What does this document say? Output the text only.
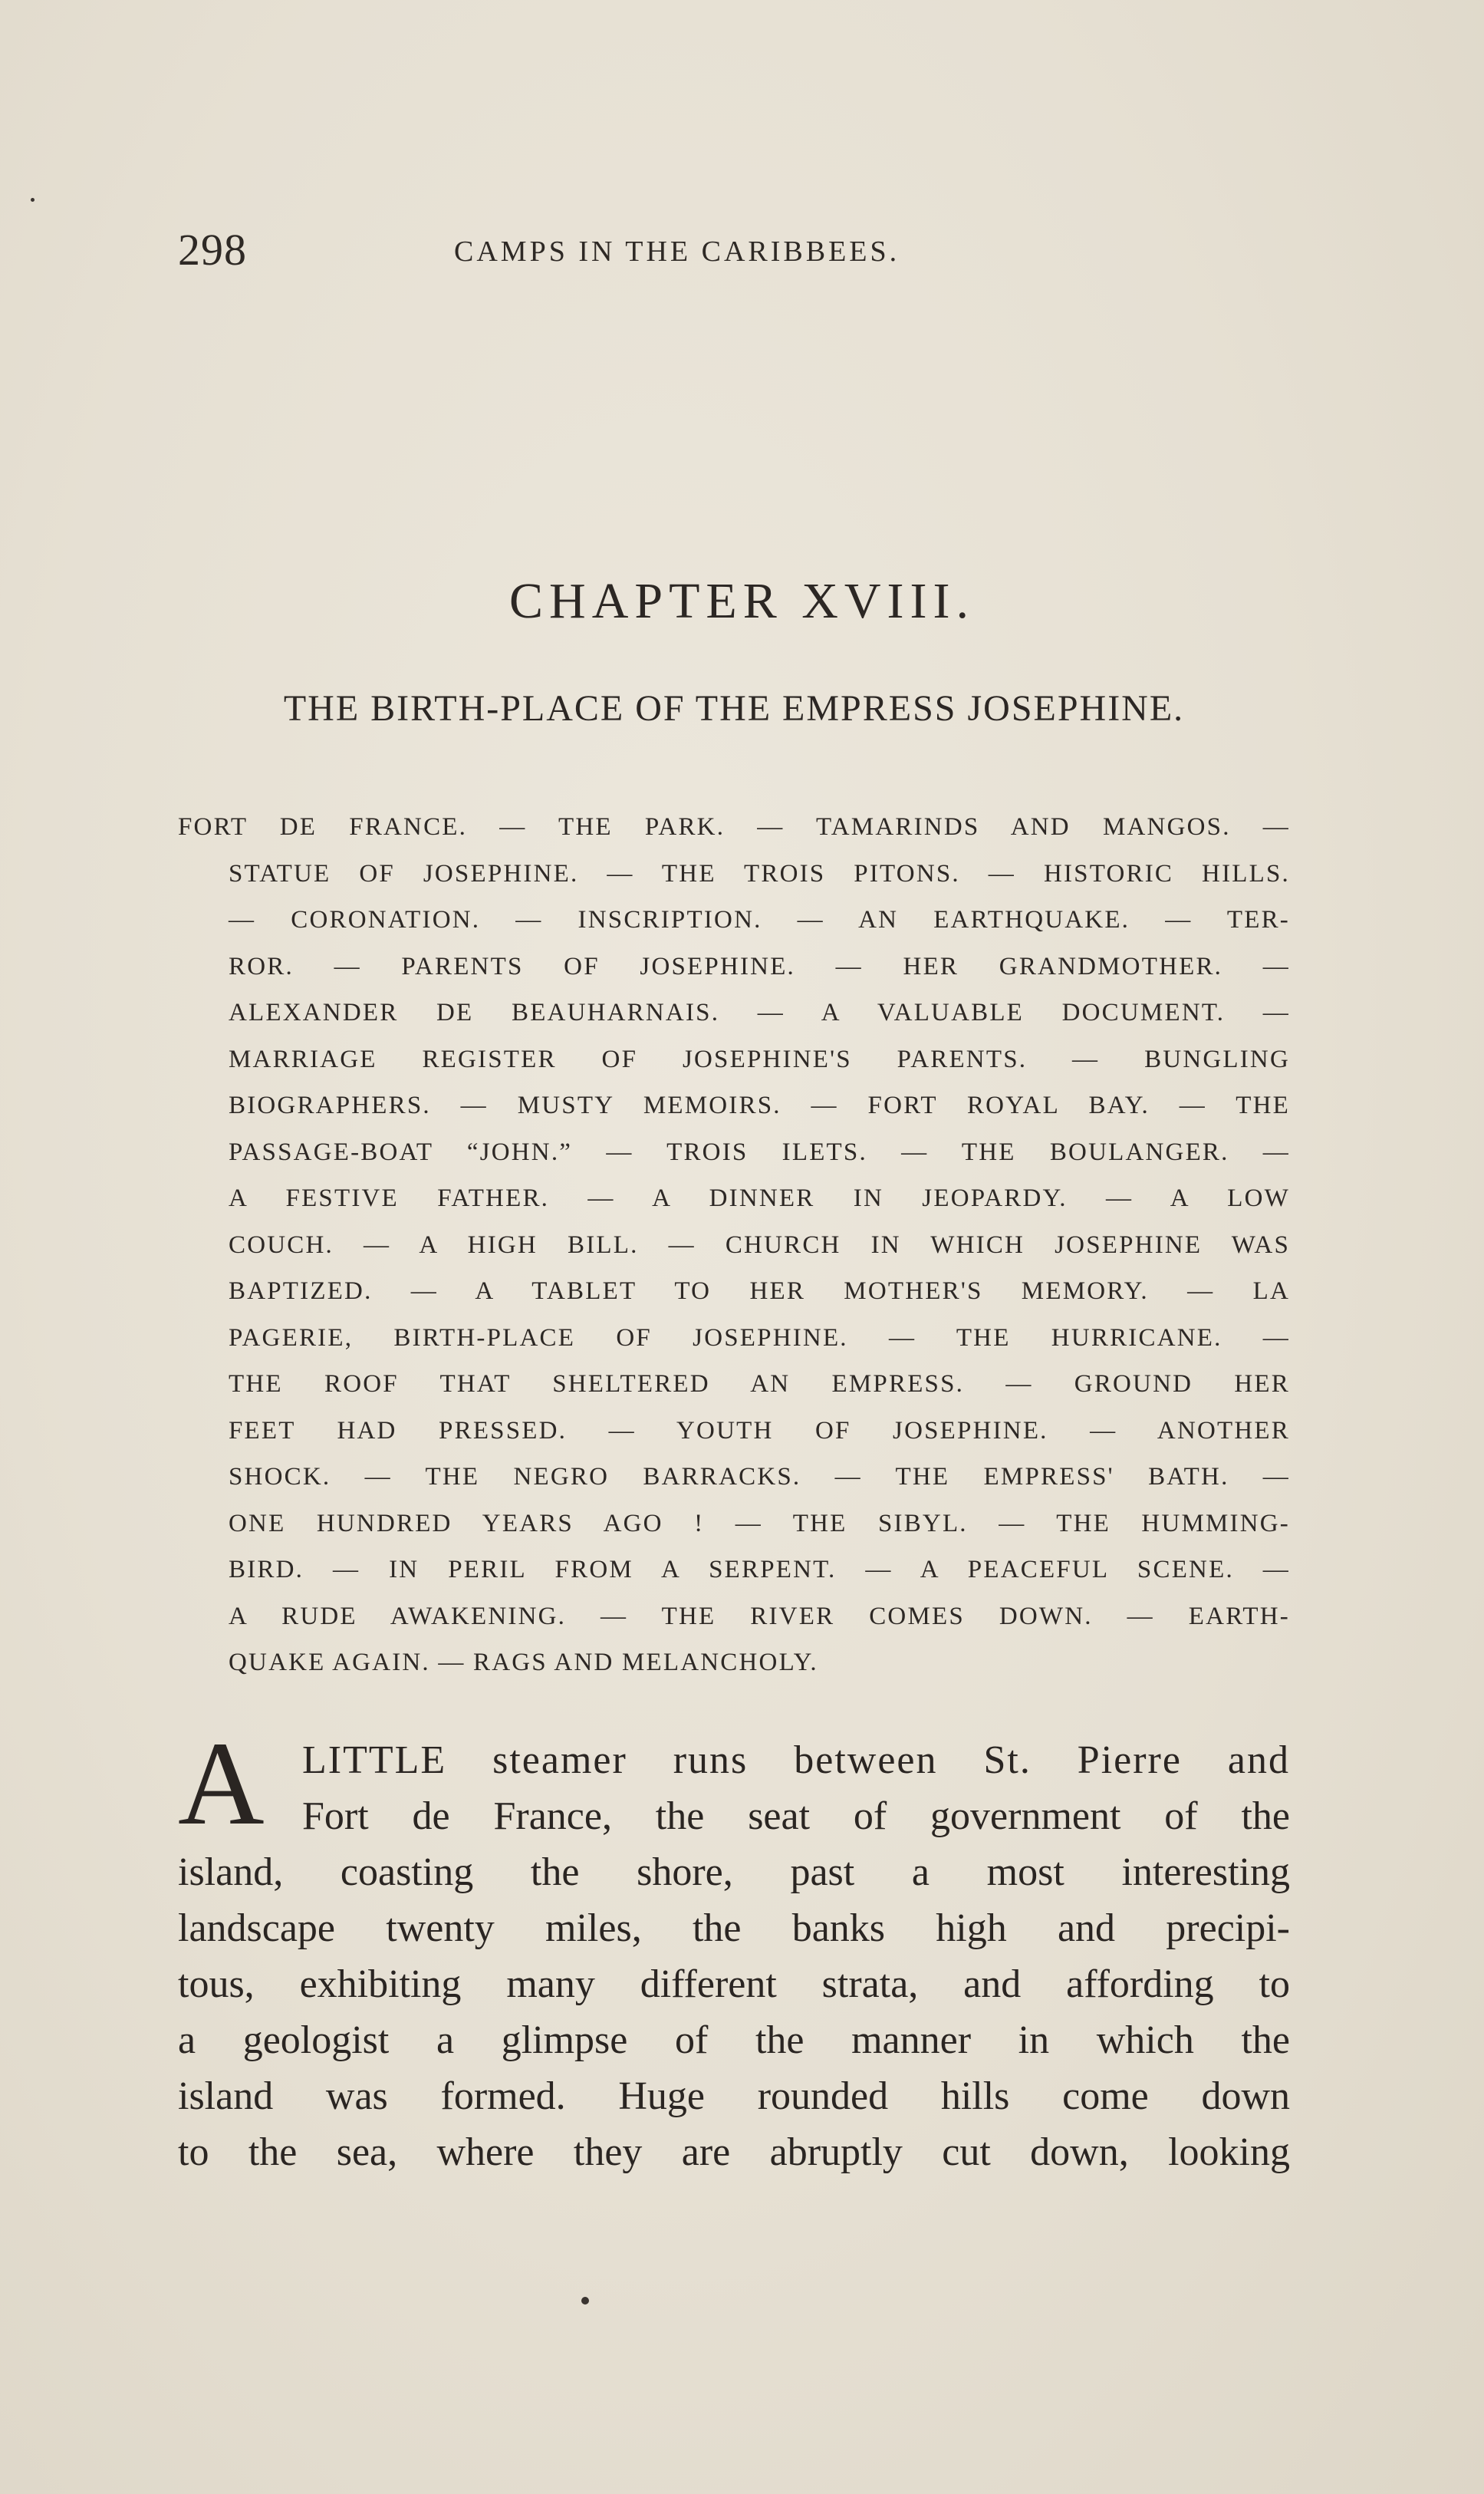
298	CAMPS IN THE CARIBBEES.
CHAPTER XVIII.
THE BIRTH-PLACE OF THE EMPRESS JOSEPHINE.
FORT DE FRANCE. — THE PARK. — TAMARINDS AND MANGOS. —
STATUE OF JOSEPHINE. — THE TROIS PITONS. — HISTORIC HILLS.
— CORONATION. — INSCRIPTION. — AN EARTHQUAKE. — TER-
ROR. — PARENTS OF JOSEPHINE. — HER GRANDMOTHER. —
ALEXANDER DE BEAUHARNAIS. — A VALUABLE DOCUMENT. —
MARRIAGE REGISTER OF JOSEPHINE'S PARENTS. — BUNGLING
BIOGRAPHERS. — MUSTY MEMOIRS. — FORT ROYAL BAY. — THE
PASSAGE-BOAT “JOHN.” — TROIS ILETS. — THE BOULANGER. —
A FESTIVE FATHER. — A DINNER IN JEOPARDY. — A LOW
COUCH. — A HIGH BILL. — CHURCH IN WHICH JOSEPHINE WAS
BAPTIZED. — A TABLET TO HER MOTHER'S MEMORY. — LA
PAGERIE, BIRTH-PLACE OF JOSEPHINE. — THE HURRICANE. —
THE ROOF THAT SHELTERED AN EMPRESS. — GROUND HER
FEET HAD PRESSED. — YOUTH OF JOSEPHINE. — ANOTHER
SHOCK. — THE NEGRO BARRACKS. — THE EMPRESS' BATH. —
ONE HUNDRED YEARS AGO ! — THE SIBYL. — THE HUMMING-
BIRD. — IN PERIL FROM A SERPENT. — A PEACEFUL SCENE. —
A RUDE AWAKENING. — THE RIVER COMES DOWN. — EARTH-
QUAKE AGAIN. — RAGS AND MELANCHOLY.
A LITTLE steamer runs between St. Pierre and
Fort de France, the seat of government of the
island, coasting the shore, past a most interesting
landscape twenty miles, the banks high and precipi-
tous, exhibiting many different strata, and affording to
a geologist a glimpse of the manner in which the
island was formed. Huge rounded hills come down
to the sea, where they are abruptly cut down, looking
